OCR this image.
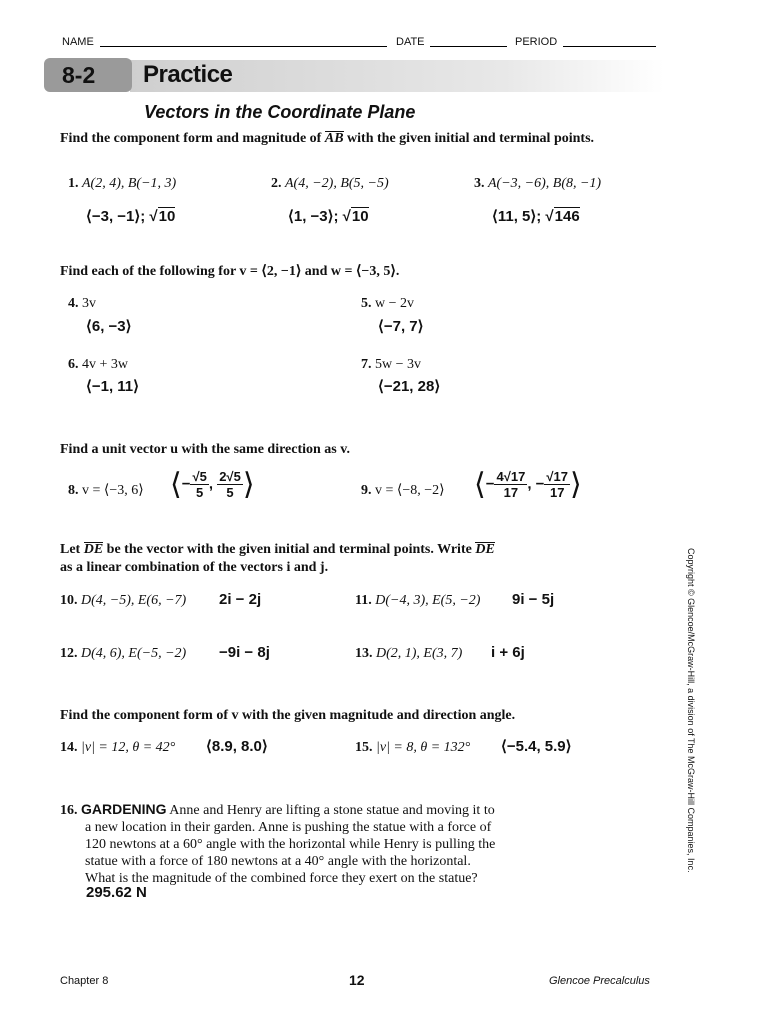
NAME	DATE	PERIOD
8-2 Practice
Vectors in the Coordinate Plane
Find the component form and magnitude of AB with the given initial and terminal points.
1. A(2, 4), B(−1, 3)
⟨−3, −1⟩; √10
2. A(4, −2), B(5, −5)
⟨1, −3⟩; √10
3. A(−3, −6), B(8, −1)
⟨11, 5⟩; √146
Find each of the following for v = ⟨2, −1⟩ and w = ⟨−3, 5⟩.
4. 3v
⟨6, −3⟩
5. w − 2v
⟨−7, 7⟩
6. 4v + 3w
⟨−1, 11⟩
7. 5w − 3v
⟨−21, 28⟩
Find a unit vector u with the same direction as v.
8. v = ⟨−3, 6⟩ ⟨− $\frac{√5}{5}$ , $\frac{2√5}{5}$ ⟩	9. v = ⟨−8, −2⟩ ⟨− $\frac{4√17}{17}$ , − $\frac{√17}{17}$ ⟩
Let DE be the vector with the given initial and terminal points. Write DE
as a linear combination of the vectors i and j.
10. D(4, −5), E(6, −7) 2i − 2j	11. D(−4, 3), E(5, −2) 9i − 5j
12. D(4, 6), E(−5, −2) −9i − 8j	13. D(2, 1), E(3, 7) i + 6j
Find the component form of v with the given magnitude and direction angle.
14. |v| = 12, θ = 42° ⟨8.9, 8.0⟩	15. |v| = 8, θ = 132° ⟨−5.4, 5.9⟩
16. GARDENING Anne and Henry are lifting a stone statue and moving it to
a new location in their garden. Anne is pushing the statue with a force of
120 newtons at a 60° angle with the horizontal while Henry is pulling the
statue with a force of 180 newtons at a 40° angle with the horizontal.
What is the magnitude of the combined force they exert on the statue?
295.62 N
Copyright © Glencoe/McGraw-Hill, a division of The McGraw-Hill Companies, Inc.
Chapter 8	12	Glencoe Precalculus
